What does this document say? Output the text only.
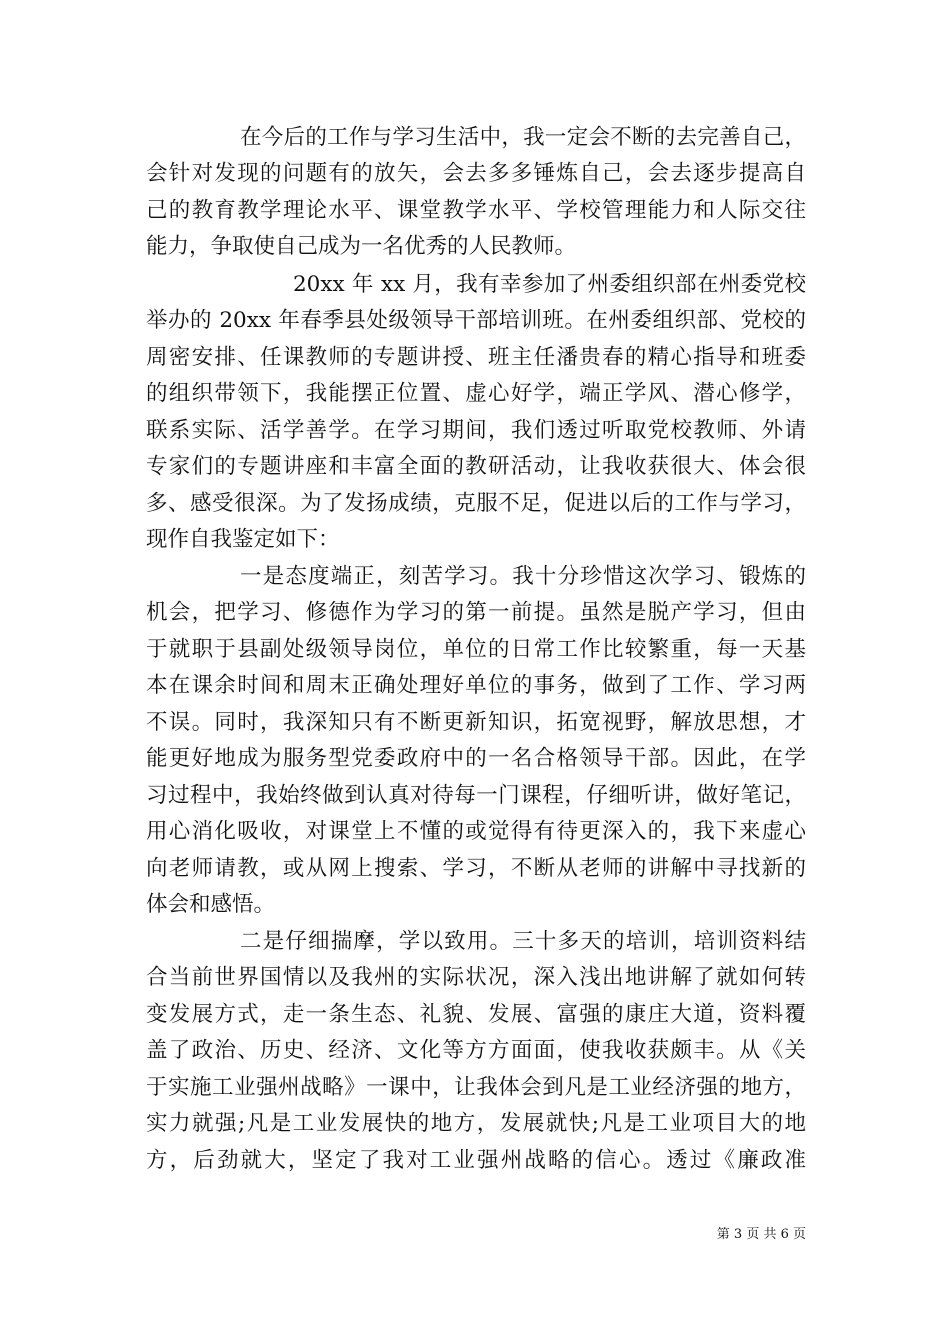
在今后的工作与学习生活中，我一定会不断的去完善自己，
会针对发现的问题有的放矢，会去多多锤炼自己，会去逐步提高自
己的教育教学理论水平、课堂教学水平、学校管理能力和人际交往
能力，争取使自己成为一名优秀的人民教师。
20xx 年 xx 月，我有幸参加了州委组织部在州委党校
举办的 20xx 年春季县处级领导干部培训班。在州委组织部、党校的
周密安排、任课教师的专题讲授、班主任潘贵春的精心指导和班委
的组织带领下，我能摆正位置、虚心好学，端正学风、潜心修学，
联系实际、活学善学。在学习期间，我们透过听取党校教师、外请
专家们的专题讲座和丰富全面的教研活动，让我收获很大、体会很
多、感受很深。为了发扬成绩，克服不足，促进以后的工作与学习，
现作自我鉴定如下：
一是态度端正，刻苦学习。我十分珍惜这次学习、锻炼的
机会，把学习、修德作为学习的第一前提。虽然是脱产学习，但由
于就职于县副处级领导岗位，单位的日常工作比较繁重，每一天基
本在课余时间和周末正确处理好单位的事务，做到了工作、学习两
不误。同时，我深知只有不断更新知识，拓宽视野，解放思想，才
能更好地成为服务型党委政府中的一名合格领导干部。因此，在学
习过程中，我始终做到认真对待每一门课程，仔细听讲，做好笔记，
用心消化吸收，对课堂上不懂的或觉得有待更深入的，我下来虚心
向老师请教，或从网上搜索、学习，不断从老师的讲解中寻找新的
体会和感悟。
二是仔细揣摩，学以致用。三十多天的培训，培训资料结
合当前世界国情以及我州的实际状况，深入浅出地讲解了就如何转
变发展方式，走一条生态、礼貌、发展、富强的康庄大道，资料覆
盖了政治、历史、经济、文化等方方面面，使我收获颇丰。从《关
于实施工业强州战略》一课中，让我体会到凡是工业经济强的地方，
实力就强;凡是工业发展快的地方，发展就快;凡是工业项目大的地
方，后劲就大，坚定了我对工业强州战略的信心。透过《廉政准
第 3 页 共 6 页
